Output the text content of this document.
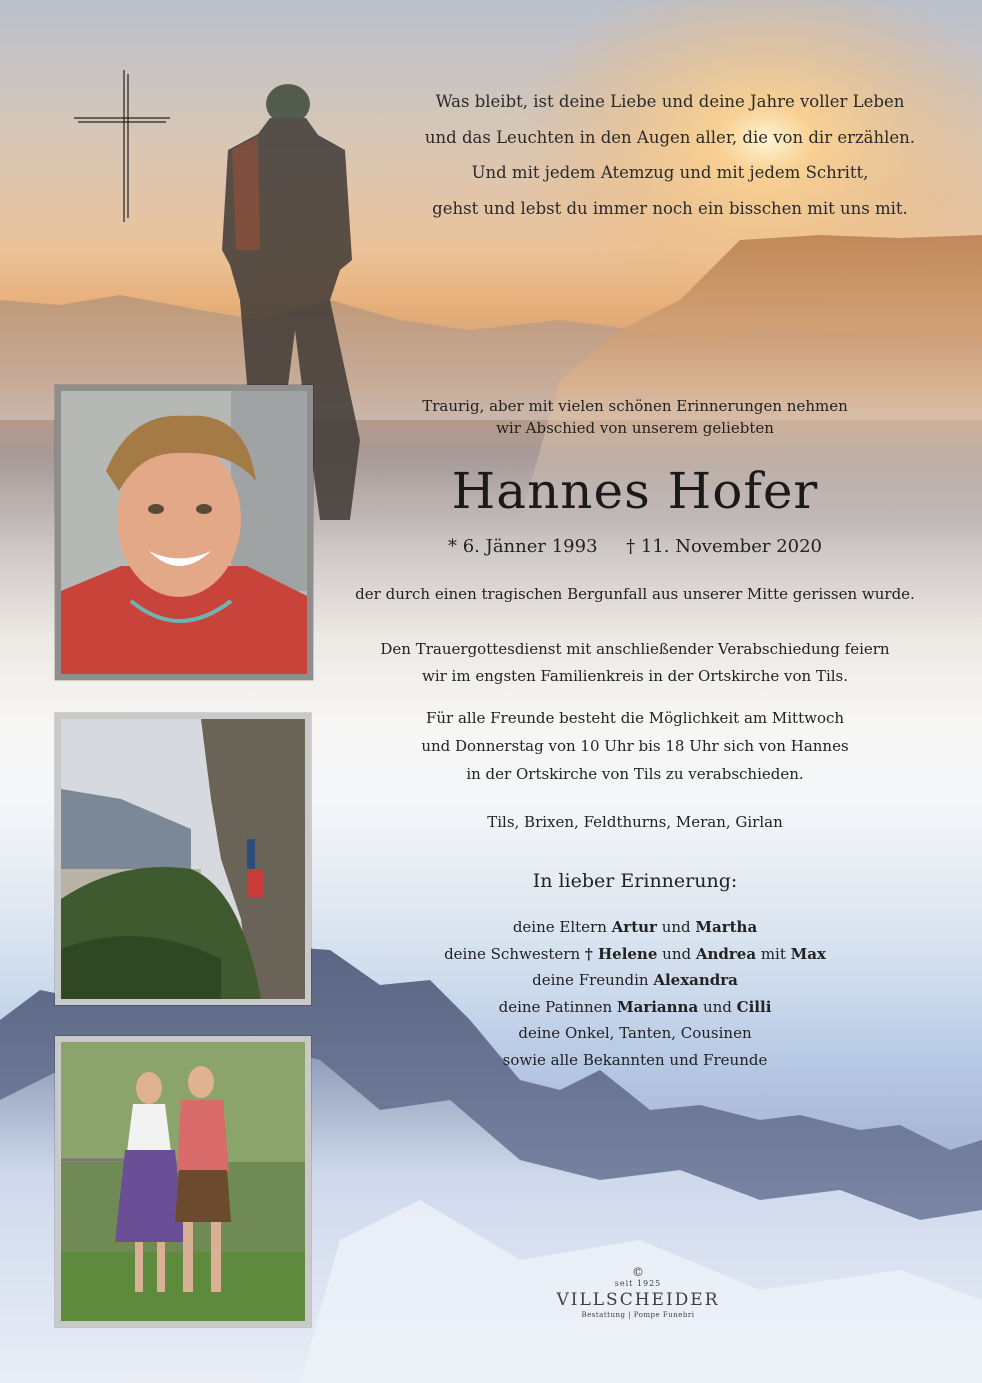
Was bleibt, ist deine Liebe und deine Jahre voller Leben
und das Leuchten in den Augen aller, die von dir erzählen.
Und mit jedem Atemzug und mit jedem Schritt,
gehst und lebst du immer noch ein bisschen mit uns mit.
Traurig, aber mit vielen schönen Erinnerungen nehmen
wir Abschied von unserem geliebten
Hannes Hofer
* 6. Jänner 1993 † 11. November 2020
der durch einen tragischen Bergunfall aus unserer Mitte gerissen wurde.
Den Trauergottesdienst mit anschließender Verabschiedung feiern
wir im engsten Familienkreis in der Ortskirche von Tils.
Für alle Freunde besteht die Möglichkeit am Mittwoch
und Donnerstag von 10 Uhr bis 18 Uhr sich von Hannes
in der Ortskirche von Tils zu verabschieden.
Tils, Brixen, Feldthurns, Meran, Girlan
In lieber Erinnerung:
deine Eltern Artur und Martha
deine Schwestern † Helene und Andrea mit Max
deine Freundin Alexandra
deine Patinnen Marianna und Cilli
deine Onkel, Tanten, Cousinen
sowie alle Bekannten und Freunde
©
seit 1925
VILLSCHEIDER
Bestattung | Pompe Funebri
